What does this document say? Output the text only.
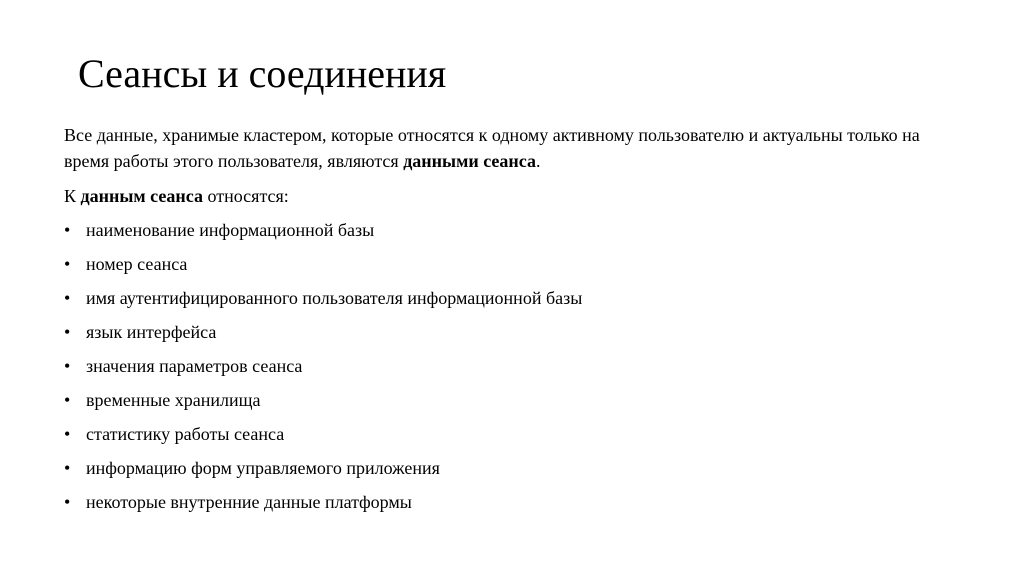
Сеансы и соединения

Все данные, хранимые кластером, которые относятся к одному активному пользователю и актуальны только на время работы этого пользователя, являются данными сеанса.

К данным сеанса относятся:

• наименование информационной базы
• номер сеанса
• имя аутентифицированного пользователя информационной базы
• язык интерфейса
• значения параметров сеанса
• временные хранилища
• статистику работы сеанса
• информацию форм управляемого приложения
• некоторые внутренние данные платформы
